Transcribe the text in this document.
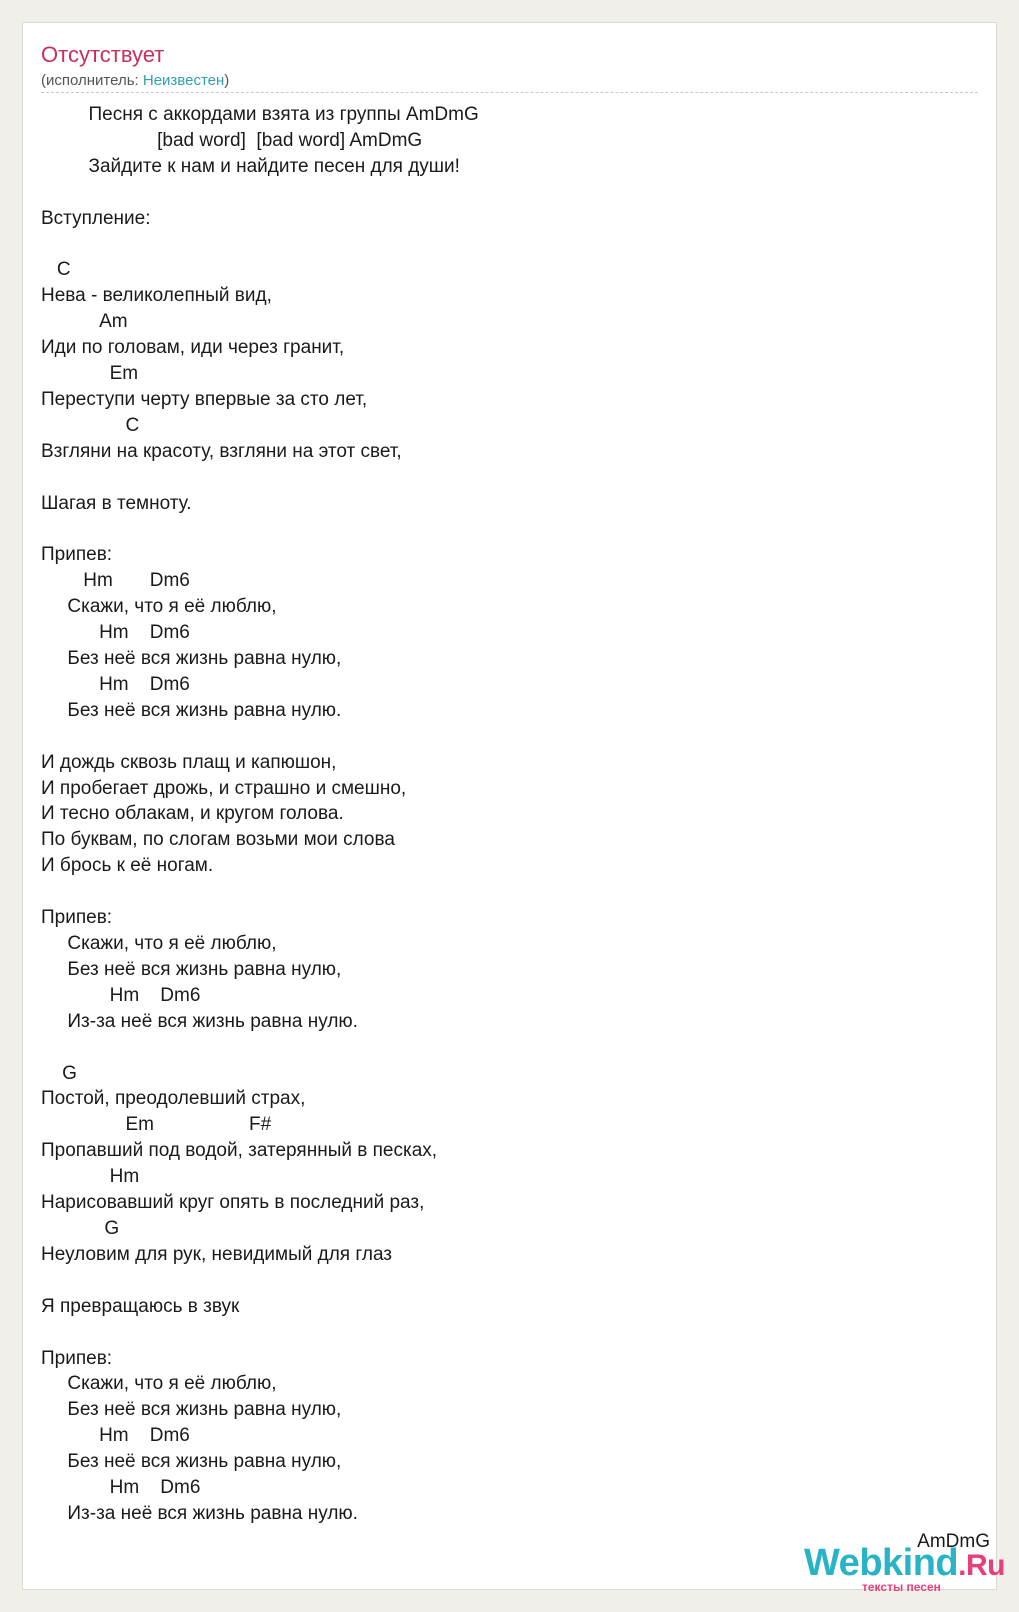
Отсутствует
(исполнитель: Неизвестен)
Песня с аккордами взята из группы AmDmG
[bad word]  [bad word] AmDmG
Зайдите к нам и найдите песен для души!

Вступление:

C
Нева - великолепный вид,
Am
Иди по головам, иди через гранит,
Em
Переступи черту впервые за сто лет,
C
Взгляни на красоту, взгляни на этот свет,

Шагая в темноту.

Припев:
Hm       Dm6
Скажи, что я её люблю,
Hm    Dm6
Без неё вся жизнь равна нулю,
Hm    Dm6
Без неё вся жизнь равна нулю.

И дождь сквозь плащ и капюшон,
И пробегает дрожь, и страшно и смешно,
И тесно облакам, и кругом голова.
По буквам, по слогам возьми мои слова
И брось к её ногам.

Припев:
Скажи, что я её люблю,
Без неё вся жизнь равна нулю,
Hm    Dm6
Из-за неё вся жизнь равна нулю.

G
Постой, преодолевший страх,
Em                  F#
Пропавший под водой, затерянный в песках,
Hm
Нарисовавший круг опять в последний раз,
G
Неуловим для рук, невидимый для глаз

Я превращаюсь в звук

Припев:
Скажи, что я её люблю,
Без неё вся жизнь равна нулю,
Hm    Dm6
Без неё вся жизнь равна нулю,
Hm    Dm6
Из-за неё вся жизнь равна нулю.
AmDmG
Webkind.Ru
тексты песен
